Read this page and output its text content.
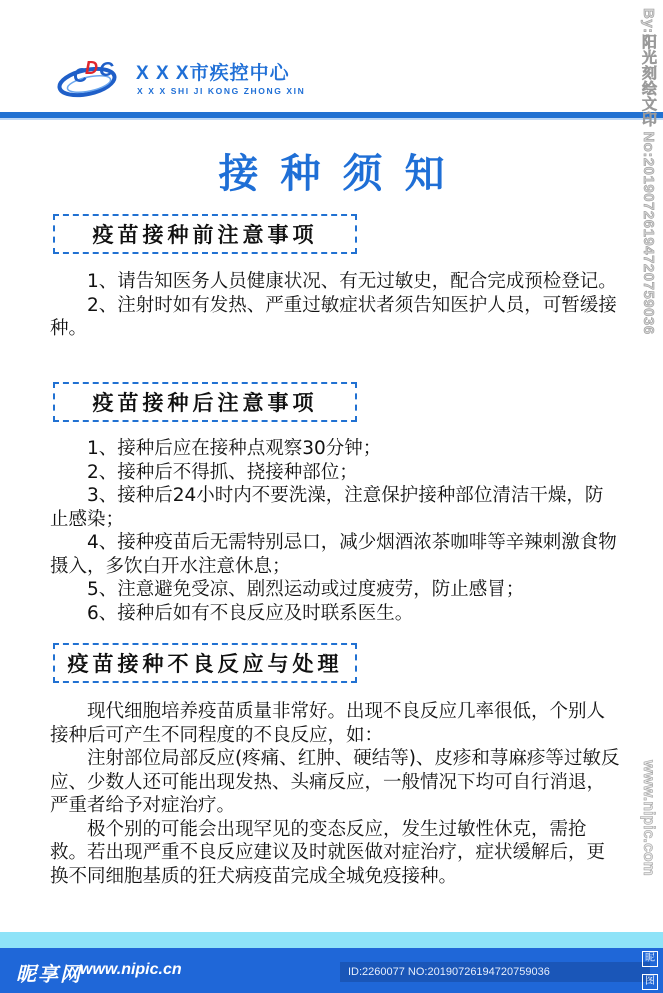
C
D C X X X市疾控中心
X X X SHI JI KONG ZHONG XIN
接种须知
疫苗接种前注意事项

1、请告知医务人员健康状况、有无过敏史，配合完成预检登记。

2、注射时如有发热、严重过敏症状者须告知医护人员，可暂缓接种。

疫苗接种后注意事项

1、接种后应在接种点观察30分钟；

2、接种后不得抓、挠接种部位；

3、接种后24小时内不要洗澡，注意保护接种部位清洁干燥，防止感染；

4、接种疫苗后无需特别忌口，减少烟酒浓茶咖啡等辛辣刺激食物摄入，多饮白开水注意休息；

5、注意避免受凉、剧烈运动或过度疲劳，防止感冒；

6、接种后如有不良反应及时联系医生。

疫苗接种不良反应与处理

现代细胞培养疫苗质量非常好。出现不良反应几率很低，个别人接种后可产生不同程度的不良反应，如：

注射部位局部反应(疼痛、红肿、硬结等)、皮疹和荨麻疹等过敏反应、少数人还可能出现发热、头痛反应，一般情况下均可自行消退，严重者给予对症治疗。

极个别的可能会出现罕见的变态反应，发生过敏性休克，需抢救。若出现严重不良反应建议及时就医做对症治疗，症状缓解后，更换不同细胞基质的狂犬病疫苗完成全城免疫接种。

By:阳光刻绘文印 No:20190726194720759036
www.nipic.com
昵享网
www.nipic.cn	ID:2260077 NO:20190726194720759036
昵
图
